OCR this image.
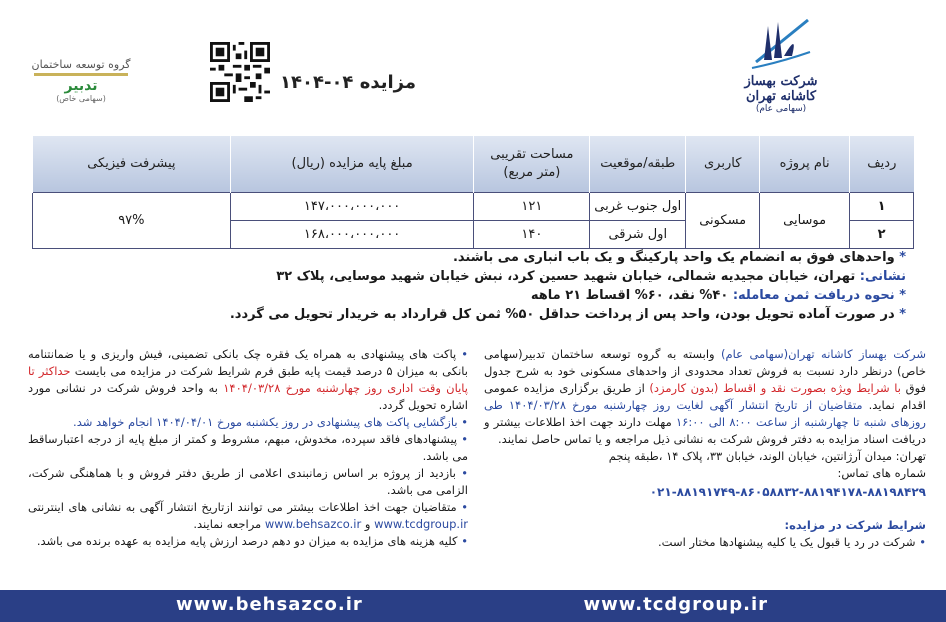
شرکت بهساز کاشانه تهران
(سهامی عام)
مزایده ۰۴-۱۴۰۴
گروه توسعه ساختمان
تدبیر
(سهامی خاص)
ردیف	نام پروژه	کاربری	طبقه/موقعیت	مساحت تقریبی (متر مربع)	مبلغ پایه مزایده (ریال)	پیشرفت فیزیکی
۱	موسایی	مسکونی	اول جنوب غربی	۱۲۱	۱۴۷،۰۰۰،۰۰۰،۰۰۰	۹۷%
۲			اول شرقی	۱۴۰	۱۶۸،۰۰۰،۰۰۰،۰۰۰	
* واحدهای فوق به انضمام یک واحد پارکینگ و یک باب انباری می باشند.
نشانی: تهران، خیابان مجیدیه شمالی، خیابان شهید حسین کرد، نبش خیابان شهید موسایی، پلاک ۳۲
* نحوه دریافت ثمن معامله: ۴۰% نقد، ۶۰% اقساط ۲۱ ماهه
* در صورت آماده تحویل بودن، واحد پس از پرداخت حداقل ۵۰% ثمن کل قرارداد به خریدار تحویل می گردد.

شرکت بهساز کاشانه تهران(سهامی عام) وابسته به گروه توسعه ساختمان تدبیر(سهامی خاص) درنظر دارد نسبت به فروش تعداد محدودی از واحدهای مسکونی خود به شرح جدول فوق با شرایط ویژه بصورت نقد و اقساط (بدون کارمزد) از طریق برگزاری مزایده عمومی اقدام نماید. متقاضیان از تاریخ انتشار آگهی لغایت روز چهارشنبه مورخ ۱۴۰۴/۰۳/۲۸ طی روزهای شنبه تا چهارشنبه از ساعت ۸:۰۰ الی ۱۶:۰۰ مهلت دارند جهت اخذ اطلاعات بیشتر و دریافت اسناد مزایده به دفتر فروش شرکت به نشانی ذیل مراجعه و یا تماس حاصل نمایند.

تهران: میدان آرژانتین، خیابان الوند، خیابان ۳۳، پلاک ۱۴ ،طبقه پنجم

شماره های تماس:

۰۲۱-۸۸۱۹۱۷۴۹-۸۶۰۵۸۸۳۲-۸۸۱۹۴۱۷۸-۸۸۱۹۸۴۲۹
شرایط شرکت در مزایده:

• شرکت در رد یا قبول یک یا کلیه پیشنهادها مختار است.

• پاکت های پیشنهادی به همراه یک فقره چک بانکی تضمینی، فیش واریزی و یا ضمانتنامه بانکی به میزان ۵ درصد قیمت پایه طبق فرم شرایط شرکت در مزایده می بایست حداکثر تا پایان وقت اداری روز چهارشنبه مورخ ۱۴۰۴/۰۳/۲۸ به واحد فروش شرکت در نشانی مورد اشاره تحویل گردد.

• بازگشایی پاکت های پیشنهادی در روز یکشنبه مورخ ۱۴۰۴/۰۴/۰۱ انجام خواهد شد.

• پیشنهادهای فاقد سپرده، مخدوش، مبهم، مشروط و کمتر از مبلغ پایه از درجه اعتبارساقط می باشد.

• بازدید از پروژه بر اساس زمانبندی اعلامی از طریق دفتر فروش و با هماهنگی شرکت، الزامی می باشد.

• متقاضیان جهت اخذ اطلاعات بیشتر می توانند ازتاریخ انتشار آگهی به نشانی های اینترنتی www.tcdgroup.ir و www.behsazco.ir مراجعه نمایند.

• کلیه هزینه های مزایده به میزان دو دهم درصد ارزش پایه مزایده به عهده برنده می باشد.

www.behsazco.ir	www.tcdgroup.ir
